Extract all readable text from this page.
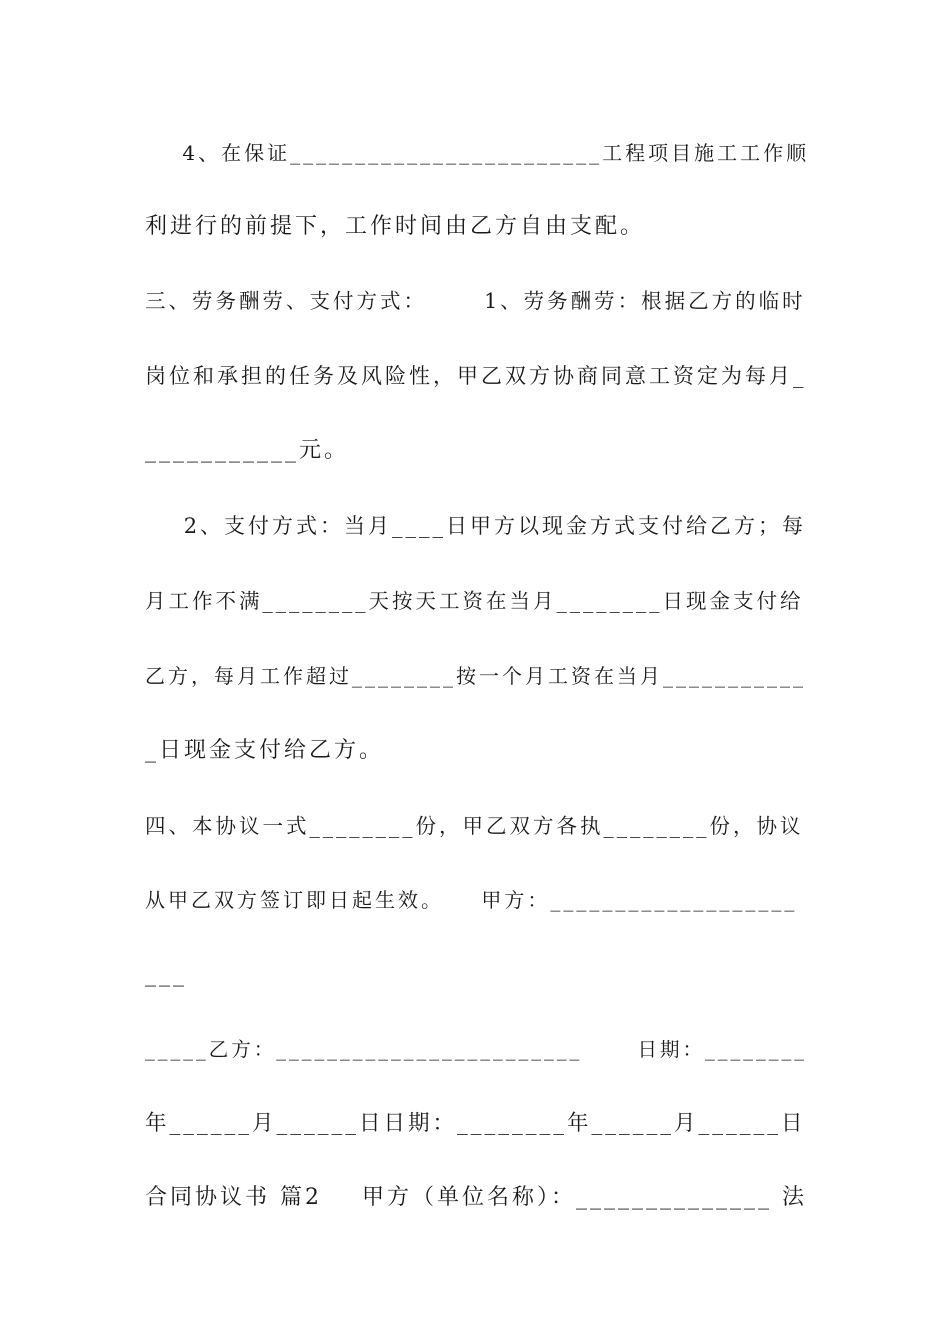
4、在保证________________________工程项目施工工作顺
利进行的前提下，工作时间由乙方自由支配。
三、劳务酬劳、支付方式：      1、劳务酬劳：根据乙方的临时
岗位和承担的任务及风险性，甲乙双方协商同意工资定为每月_
___________元。
2、支付方式：当月____日甲方以现金方式支付给乙方；每
月工作不满________天按天工资在当月________日现金支付给
乙方，每月工作超过________按一个月工资在当月___________
_日现金支付给乙方。
四、本协议一式________份，甲乙双方各执________份，协议
从甲乙双方签订即日起生效。    甲方：___________________
___
_____乙方：________________________      日期：________
年______月______日日期：________年______月______日
合同协议书 篇2    甲方（单位名称）：______________ 法
